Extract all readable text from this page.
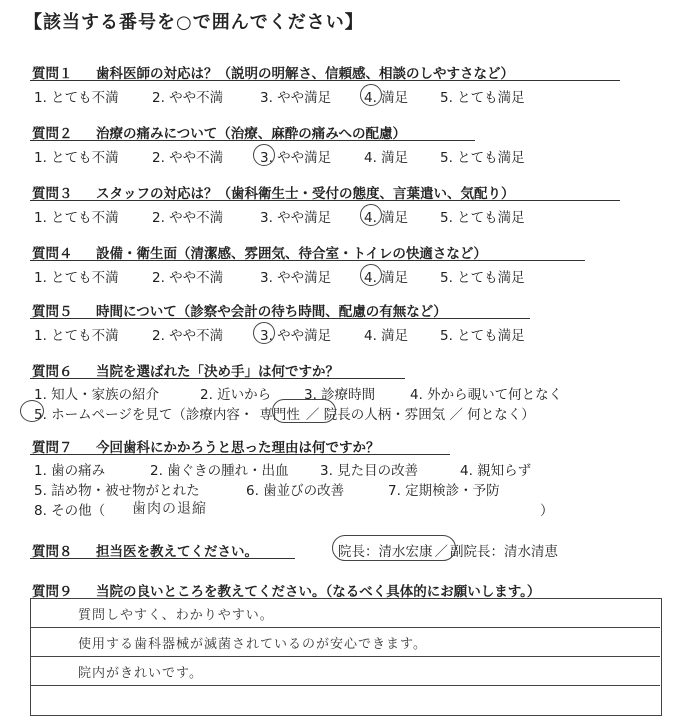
【該当する番号を○で囲んでください】
質問１ 歯科医師の対応は？（説明の明解さ、信頼感、相談のしやすさなど）
1. とても不満 2. やや不満	3. やや満足 4. 満足 5. とても満足
質問２ 治療の痛みについて（治療、麻酔の痛みへの配慮）
1. とても不満 2. やや不満	3. やや満足 4. 満足 5. とても満足
質問３ スタッフの対応は？（歯科衛生士・受付の態度、言葉遣い、気配り）
1. とても不満 2. やや不満	3. やや満足 4. 満足 5. とても満足
質問４ 設備・衛生面（清潔感、雰囲気、待合室・トイレの快適さなど）
1. とても不満 2. やや不満	3. やや満足 4. 満足 5. とても満足
質問５ 時間について（診察や会計の待ち時間、配慮の有無など）
1. とても不満 2. やや不満	3. やや満足 4. 満足 5. とても満足
質問６ 当院を選ばれた「決め手」は何ですか？
1. 知人・家族の紹介	2. 近いから 3. 診療時間	4. 外から覗いて何となく
5. ホームページを見て（診療内容・ 専門性 ／ 院長の人柄・雰囲気 ／ 何となく）
質問７ 今回歯科にかかろうと思った理由は何ですか？
1. 歯の痛み	2. 歯ぐきの腫れ・出血 3. 見た目の改善	4. 親知らず
5. 詰め物・被せ物がとれた	6. 歯並びの改善	7. 定期検診・予防
8. その他（ 歯肉の退縮	）
質問８ 担当医を教えてください。	院長：清水宏康 ／ 副院長：清水清恵
質問９ 当院の良いところを教えてください。（なるべく具体的にお願いします。）
質問しやすく、わかりやすい。
使用する歯科器械が滅菌されているのが安心できます。
院内がきれいです。
